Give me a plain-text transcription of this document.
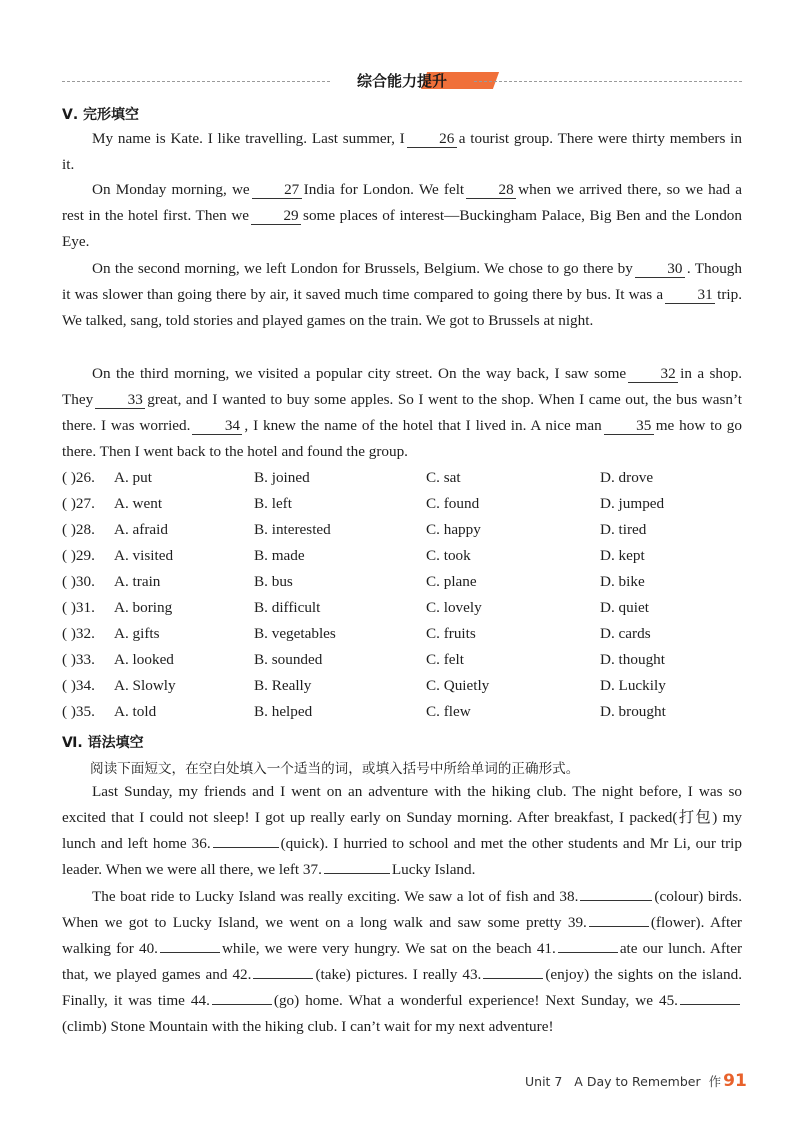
综合能力提升
Ⅴ. 完形填空
My name is Kate. I like travelling. Last summer, I 26 a tourist group. There were thirty members in it.
On Monday morning, we 27 India for London. We felt 28 when we arrived there, so we had a rest in the hotel first. Then we 29 some places of interest—Buckingham Palace, Big Ben and the London Eye.
On the second morning, we left London for Brussels, Belgium. We chose to go there by 30 . Though it was slower than going there by air, it saved much time compared to going there by bus. It was a 31 trip. We talked, sang, told stories and played games on the train. We got to Brussels at night.
On the third morning, we visited a popular city street. On the way back, I saw some 32 in a shop. They 33 great, and I wanted to buy some apples. So I went to the shop. When I came out, the bus wasn’t there. I was worried. 34 , I knew the name of the hotel that I lived in. A nice man 35 me how to go there. Then I went back to the hotel and found the group.
( )26. A. put	B. joined	C. sat	D. drove
( )27. A. went	B. left	C. found	D. jumped
( )28. A. afraid	B. interested	C. happy	D. tired
( )29. A. visited	B. made	C. took	D. kept
( )30. A. train	B. bus	C. plane	D. bike
( )31. A. boring	B. difficult	C. lovely	D. quiet
( )32. A. gifts	B. vegetables	C. fruits	D. cards
( )33. A. looked	B. sounded	C. felt	D. thought
( )34. A. Slowly	B. Really	C. Quietly	D. Luckily
( )35. A. told	B. helped	C. flew	D. brought
Ⅵ. 语法填空
阅读下面短文，在空白处填入一个适当的词，或填入括号中所给单词的正确形式。
Last Sunday, my friends and I went on an adventure with the hiking club. The night before, I was so excited that I could not sleep! I got up really early on Sunday morning. After breakfast, I packed(打包) my lunch and left home 36.	(quick). I hurried to school and met the other students and Mr Li, our trip leader. When we were all there, we left 37.	Lucky Island.
The boat ride to Lucky Island was really exciting. We saw a lot of fish and 38.	(colour) birds. When we got to Lucky Island, we went on a long walk and saw some pretty 39.	(flower). After walking for 40.	while, we were very hungry. We sat on the beach 41.	ate our lunch. After that, we played games and 42.	(take) pictures. I really 43.	(enjoy) the sights on the island. Finally, it was time 44.	(go) home. What a wonderful experience! Next Sunday, we 45.(climb) Stone Mountain with the hiking club. I can’t wait for my next adventure!
Unit 7 A Day to Remember 作 91
